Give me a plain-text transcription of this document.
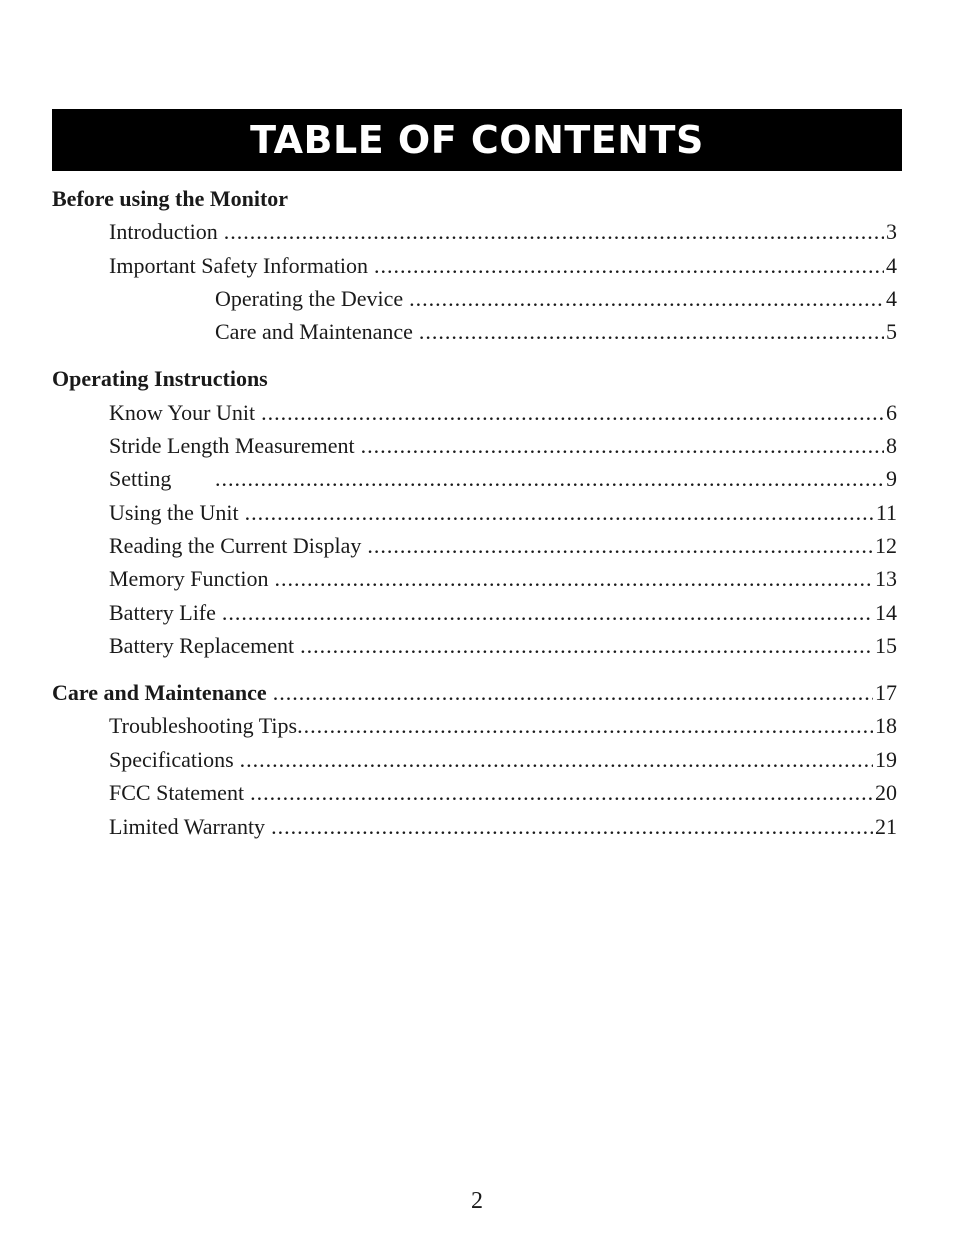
TABLE OF CONTENTS
Before using the Monitor
Introduction .....	3
Important Safety Information .....	4
Operating the Device .....	4
Care and Maintenance .....	5
Operating Instructions
Know Your Unit .....	6
Stride Length Measurement .....	8
Setting .....	9
Using the Unit .....	11
Reading the Current Display .....	12
Memory Function .....	13
Battery Life .....	14
Battery Replacement .....	15
Care and Maintenance .....	17
Troubleshooting Tips .....	18
Specifications .....	19
FCC Statement .....	20
Limited Warranty .....	21
2
